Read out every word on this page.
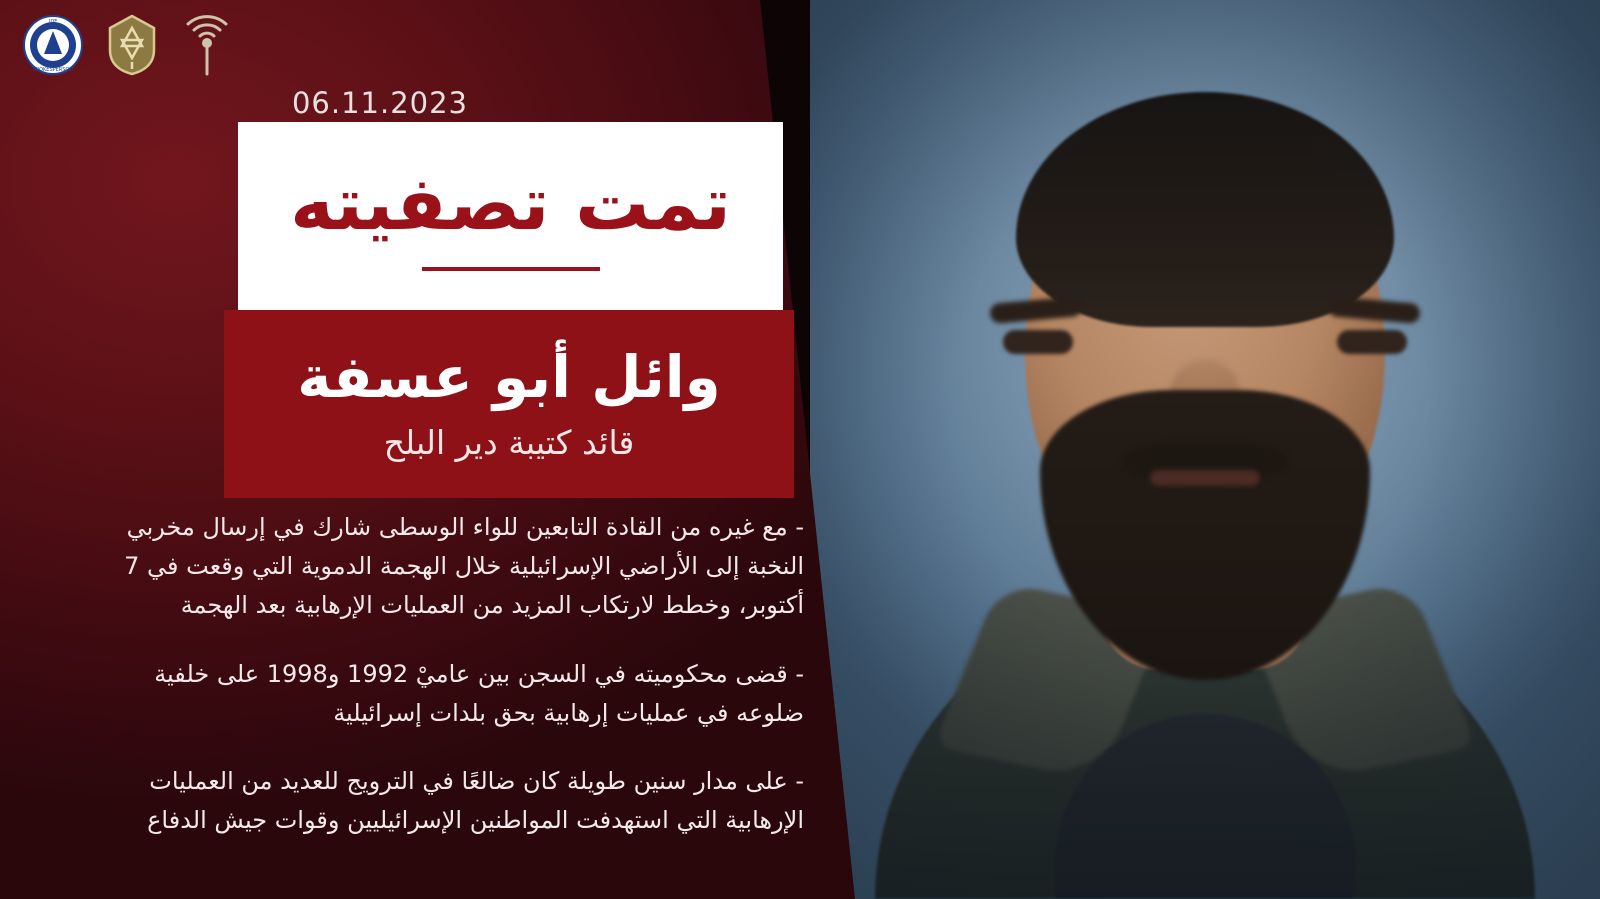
IDF
SPOKESPERSON
06.11.2023
تمت تصفيته
وائل أبو عسفة
قائد كتيبة دير البلح

- مع غيره من القادة التابعين للواء الوسطى شارك في إرسال مخربي النخبة إلى الأراضي الإسرائيلية خلال الهجمة الدموية التي وقعت في 7 أكتوبر، وخطط لارتكاب المزيد من العمليات الإرهابية بعد الهجمة

- قضى محكوميته في السجن بين عاميْ 1992 و1998 على خلفية ضلوعه في عمليات إرهابية بحق بلدات إسرائيلية

- على مدار سنين طويلة كان ضالعًا في الترويج للعديد من العمليات الإرهابية التي استهدفت المواطنين الإسرائيليين وقوات جيش الدفاع
